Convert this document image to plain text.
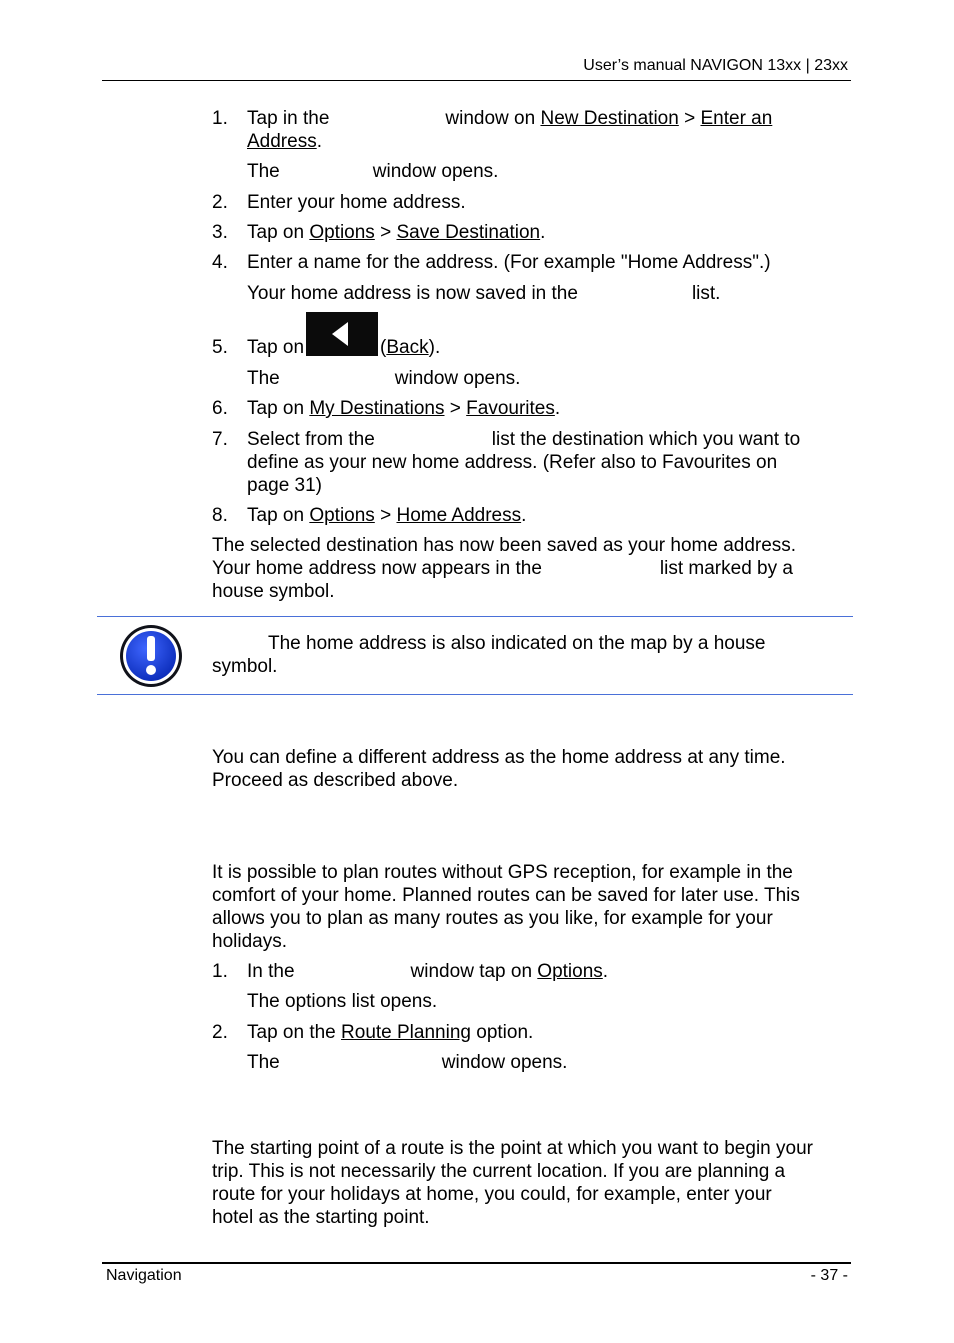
User’s manual NAVIGON 13xx | 23xx
1.	Tap in the	window on New Destination > Enter an
Address.
The	window opens.
2.	Enter your home address.
3.	Tap on Options > Save Destination.
4.	Enter a name for the address. (For example "Home Address".)
Your home address is now saved in the	list.
5.	Tap on	(Back).
The	window opens.
6.	Tap on My Destinations > Favourites.
7.	Select from the	list the destination which you want to
define as your new home address. (Refer also to Favourites on
page 31)
8.	Tap on Options > Home Address.
The selected destination has now been saved as your home address.
Your home address now appears in the	list marked by a
house symbol.
The home address is also indicated on the map by a house
symbol.
You can define a different address as the home address at any time.
Proceed as described above.
It is possible to plan routes without GPS reception, for example in the
comfort of your home. Planned routes can be saved for later use. This
allows you to plan as many routes as you like, for example for your
holidays.
1.	In the	window tap on Options.
The options list opens.
2.	Tap on the Route Planning option.
The	window opens.
The starting point of a route is the point at which you want to begin your
trip. This is not necessarily the current location. If you are planning a
route for your holidays at home, you could, for example, enter your
hotel as the starting point.
Navigation	- 37 -
